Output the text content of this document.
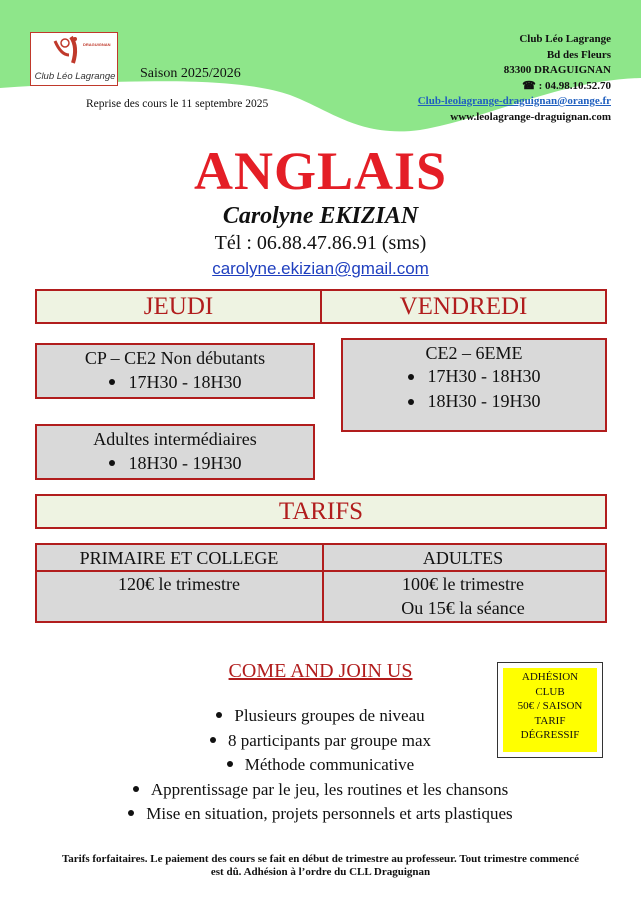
DRAGUIGNAN
Club Léo Lagrange Saison 2025/2026
Reprise des cours le 11 septembre 2025
Club Léo Lagrange
Bd des Fleurs
83300 DRAGUIGNAN
☎ : 04.98.10.52.70
Club-leolagrange-draguignan@orange.fr
www.leolagrange-draguignan.com
ANGLAIS
Carolyne EKIZIAN
Tél : 06.88.47.86.91 (sms)
carolyne.ekizian@gmail.com
JEUDI	VENDREDI
CP – CE2 Non débutants
17H30 - 18H30
Adultes intermédiaires
18H30 - 19H30
CE2 – 6EME
17H30 - 18H30
18H30 - 19H30
TARIFS
PRIMAIRE ET COLLEGE	ADULTES
120€ le trimestre	100€ le trimestre
Ou 15€ la séance
COME AND JOIN US	ADHÉSION
CLUB
50€ / SAISON
TARIF
DÉGRESSIF
Plusieurs groupes de niveau
8 participants par groupe max
Méthode communicative
Apprentissage par le jeu, les routines et les chansons
Mise en situation, projets personnels et arts plastiques
Tarifs forfaitaires. Le paiement des cours se fait en début de trimestre au professeur. Tout trimestre commencé
est dû. Adhésion à l’ordre du CLL Draguignan
